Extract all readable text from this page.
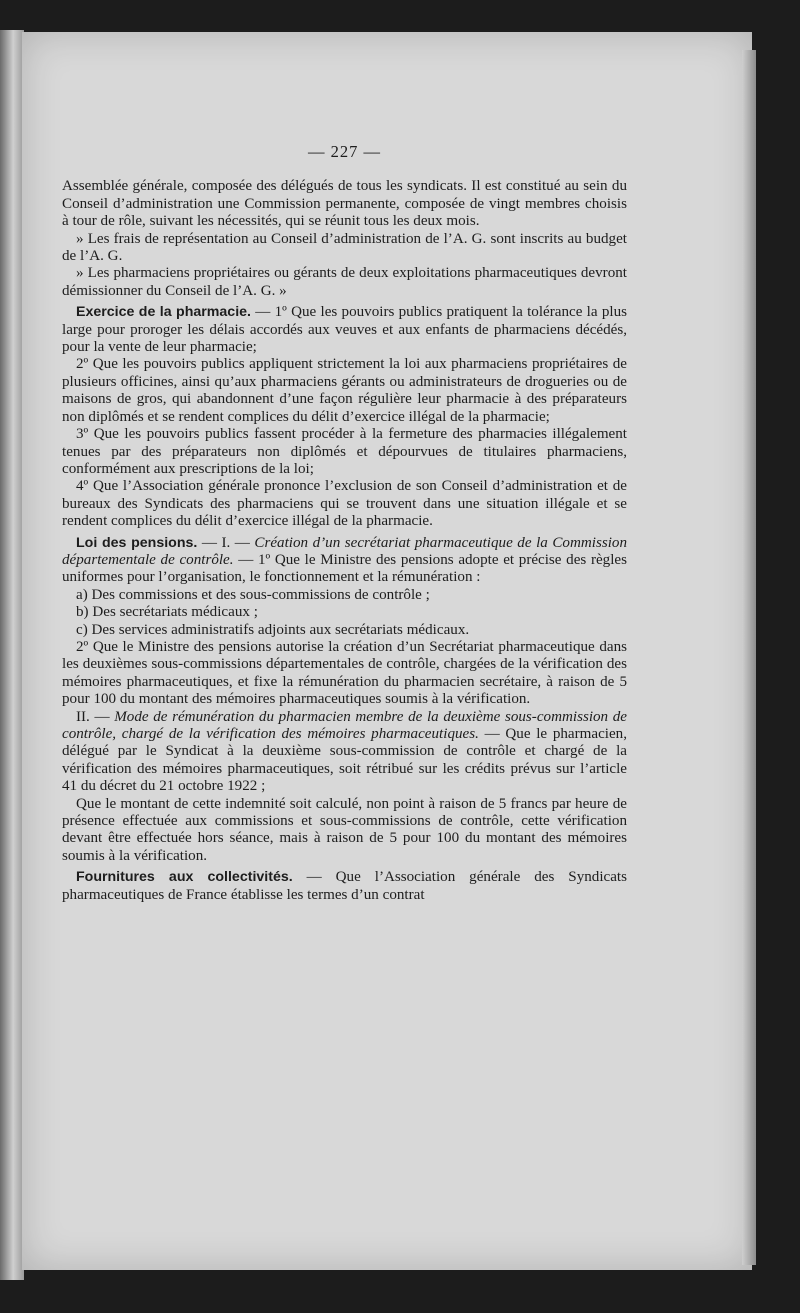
— 227 —

Assemblée générale, composée des délégués de tous les syndicats. Il est constitué au sein du Conseil d’administration une Commission permanente, composée de vingt membres choisis à tour de rôle, suivant les nécessités, qui se réunit tous les deux mois.

» Les frais de représentation au Conseil d’administration de l’A. G. sont inscrits au budget de l’A. G.

» Les pharmaciens propriétaires ou gérants de deux exploitations pharmaceutiques devront démissionner du Conseil de l’A. G. »

Exercice de la pharmacie. — 1º Que les pouvoirs publics pratiquent la tolérance la plus large pour proroger les délais accordés aux veuves et aux enfants de pharmaciens décédés, pour la vente de leur pharmacie;

2º Que les pouvoirs publics appliquent strictement la loi aux pharmaciens propriétaires de plusieurs officines, ainsi qu’aux pharmaciens gérants ou administrateurs de drogueries ou de maisons de gros, qui abandonnent d’une façon régulière leur pharmacie à des préparateurs non diplômés et se rendent complices du délit d’exercice illégal de la pharmacie;

3º Que les pouvoirs publics fassent procéder à la fermeture des pharmacies illégalement tenues par des préparateurs non diplômés et dépourvues de titulaires pharmaciens, conformément aux prescriptions de la loi;

4º Que l’Association générale prononce l’exclusion de son Conseil d’administration et de bureaux des Syndicats des pharmaciens qui se trouvent dans une situation illégale et se rendent complices du délit d’exercice illégal de la pharmacie.

Loi des pensions. — I. — Création d’un secrétariat pharmaceutique de la Commission départementale de contrôle. — 1º Que le Ministre des pensions adopte et précise des règles uniformes pour l’organisation, le fonctionnement et la rémunération :

a) Des commissions et des sous-commissions de contrôle ;

b) Des secrétariats médicaux ;

c) Des services administratifs adjoints aux secrétariats médicaux.

2º Que le Ministre des pensions autorise la création d’un Secrétariat pharmaceutique dans les deuxièmes sous-commissions départementales de contrôle, chargées de la vérification des mémoires pharmaceutiques, et fixe la rémunération du pharmacien secrétaire, à raison de 5 pour 100 du montant des mémoires pharmaceutiques soumis à la vérification.

II. — Mode de rémunération du pharmacien membre de la deuxième sous-commission de contrôle, chargé de la vérification des mémoires pharmaceutiques. — Que le pharmacien, délégué par le Syndicat à la deuxième sous-commission de contrôle et chargé de la vérification des mémoires pharmaceutiques, soit rétribué sur les crédits prévus sur l’article 41 du décret du 21 octobre 1922 ;

Que le montant de cette indemnité soit calculé, non point à raison de 5 francs par heure de présence effectuée aux commissions et sous-commissions de contrôle, cette vérification devant être effectuée hors séance, mais à raison de 5 pour 100 du montant des mémoires soumis à la vérification.

Fournitures aux collectivités. — Que l’Association générale des Syndicats pharmaceutiques de France établisse les termes d’un contrat
